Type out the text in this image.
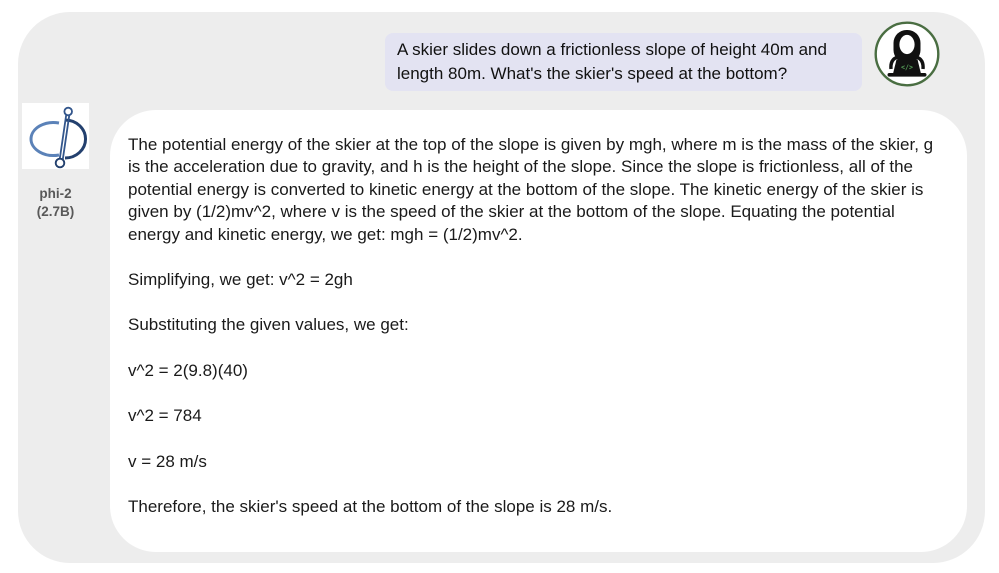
A skier slides down a frictionless slope of height 40m and length 80m. What's the skier's speed at the bottom?	</>
phi-2
(2.7B)

The potential energy of the skier at the top of the slope is given by mgh, where m is the mass of the skier, g is the acceleration due to gravity, and h is the height of the slope. Since the slope is frictionless, all of the potential energy is converted to kinetic energy at the bottom of the slope. The kinetic energy of the skier is given by (1/2)mv^2, where v is the speed of the skier at the bottom of the slope. Equating the potential energy and kinetic energy, we get: mgh = (1/2)mv^2.

Simplifying, we get: v^2 = 2gh

Substituting the given values, we get:

v^2 = 2(9.8)(40)

v^2 = 784

v = 28 m/s

Therefore, the skier's speed at the bottom of the slope is 28 m/s.
